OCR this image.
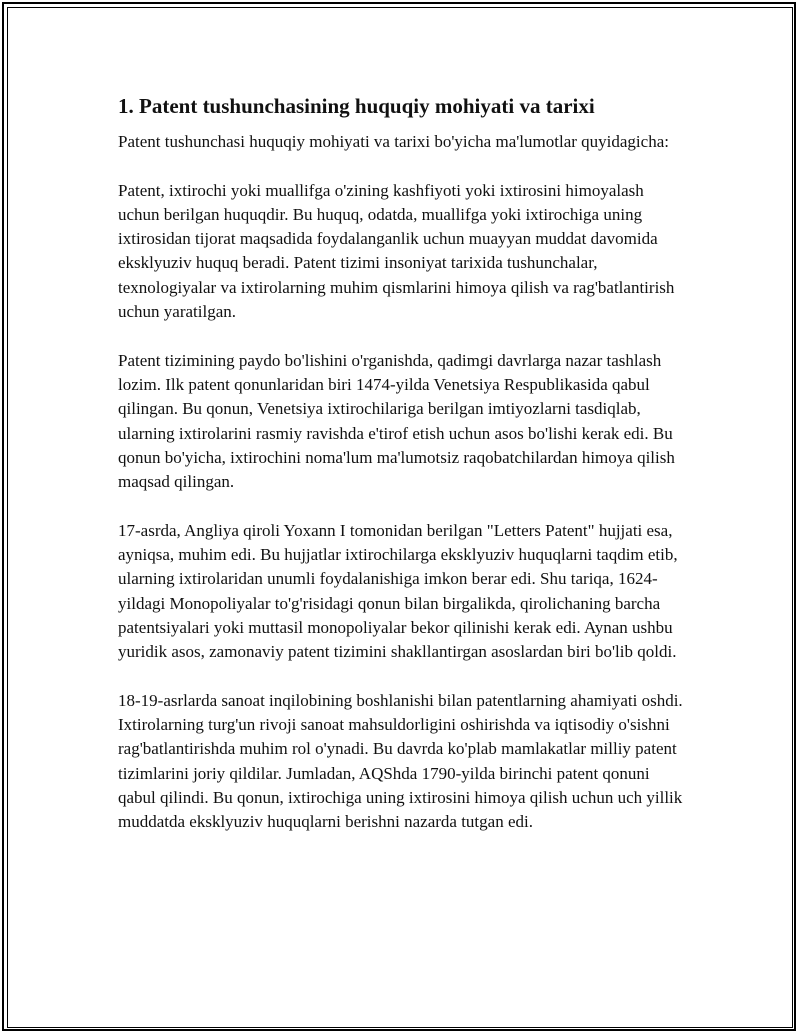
1. Patent tushunchasining huquqiy mohiyati va tarixi

Patent tushunchasi huquqiy mohiyati va tarixi bo'yicha ma'lumotlar quyidagicha:

Patent, ixtirochi yoki muallifga o'zining kashfiyoti yoki ixtirosini himoyalash uchun berilgan huquqdir. Bu huquq, odatda, muallifga yoki ixtirochiga uning ixtirosidan tijorat maqsadida foydalanganlik uchun muayyan muddat davomida eksklyuziv huquq beradi. Patent tizimi insoniyat tarixida tushunchalar, texnologiyalar va ixtirolarning muhim qismlarini himoya qilish va rag'batlantirish uchun yaratilgan.

Patent tizimining paydo bo'lishini o'rganishda, qadimgi davrlarga nazar tashlash lozim. Ilk patent qonunlaridan biri 1474-yilda Venetsiya Respublikasida qabul qilingan. Bu qonun, Venetsiya ixtirochilariga berilgan imtiyozlarni tasdiqlab, ularning ixtirolarini rasmiy ravishda e'tirof etish uchun asos bo'lishi kerak edi. Bu qonun bo'yicha, ixtirochini noma'lum ma'lumotsiz raqobatchilardan himoya qilish maqsad qilingan.

17-asrda, Angliya qiroli Yoxann I tomonidan berilgan "Letters Patent" hujjati esa, ayniqsa, muhim edi. Bu hujjatlar ixtirochilarga eksklyuziv huquqlarni taqdim etib, ularning ixtirolaridan unumli foydalanishiga imkon berar edi. Shu tariqa, 1624-yildagi Monopoliyalar to'g'risidagi qonun bilan birgalikda, qirolichaning barcha patentsiyalari yoki muttasil monopoliyalar bekor qilinishi kerak edi. Aynan ushbu yuridik asos, zamonaviy patent tizimini shakllantirgan asoslardan biri bo'lib qoldi.

18-19-asrlarda sanoat inqilobining boshlanishi bilan patentlarning ahamiyati oshdi. Ixtirolarning turg'un rivoji sanoat mahsuldorligini oshirishda va iqtisodiy o'sishni rag'batlantirishda muhim rol o'ynadi. Bu davrda ko'plab mamlakatlar milliy patent tizimlarini joriy qildilar. Jumladan, AQShda 1790-yilda birinchi patent qonuni qabul qilindi. Bu qonun, ixtirochiga uning ixtirosini himoya qilish uchun uch yillik muddatda eksklyuziv huquqlarni berishni nazarda tutgan edi.
